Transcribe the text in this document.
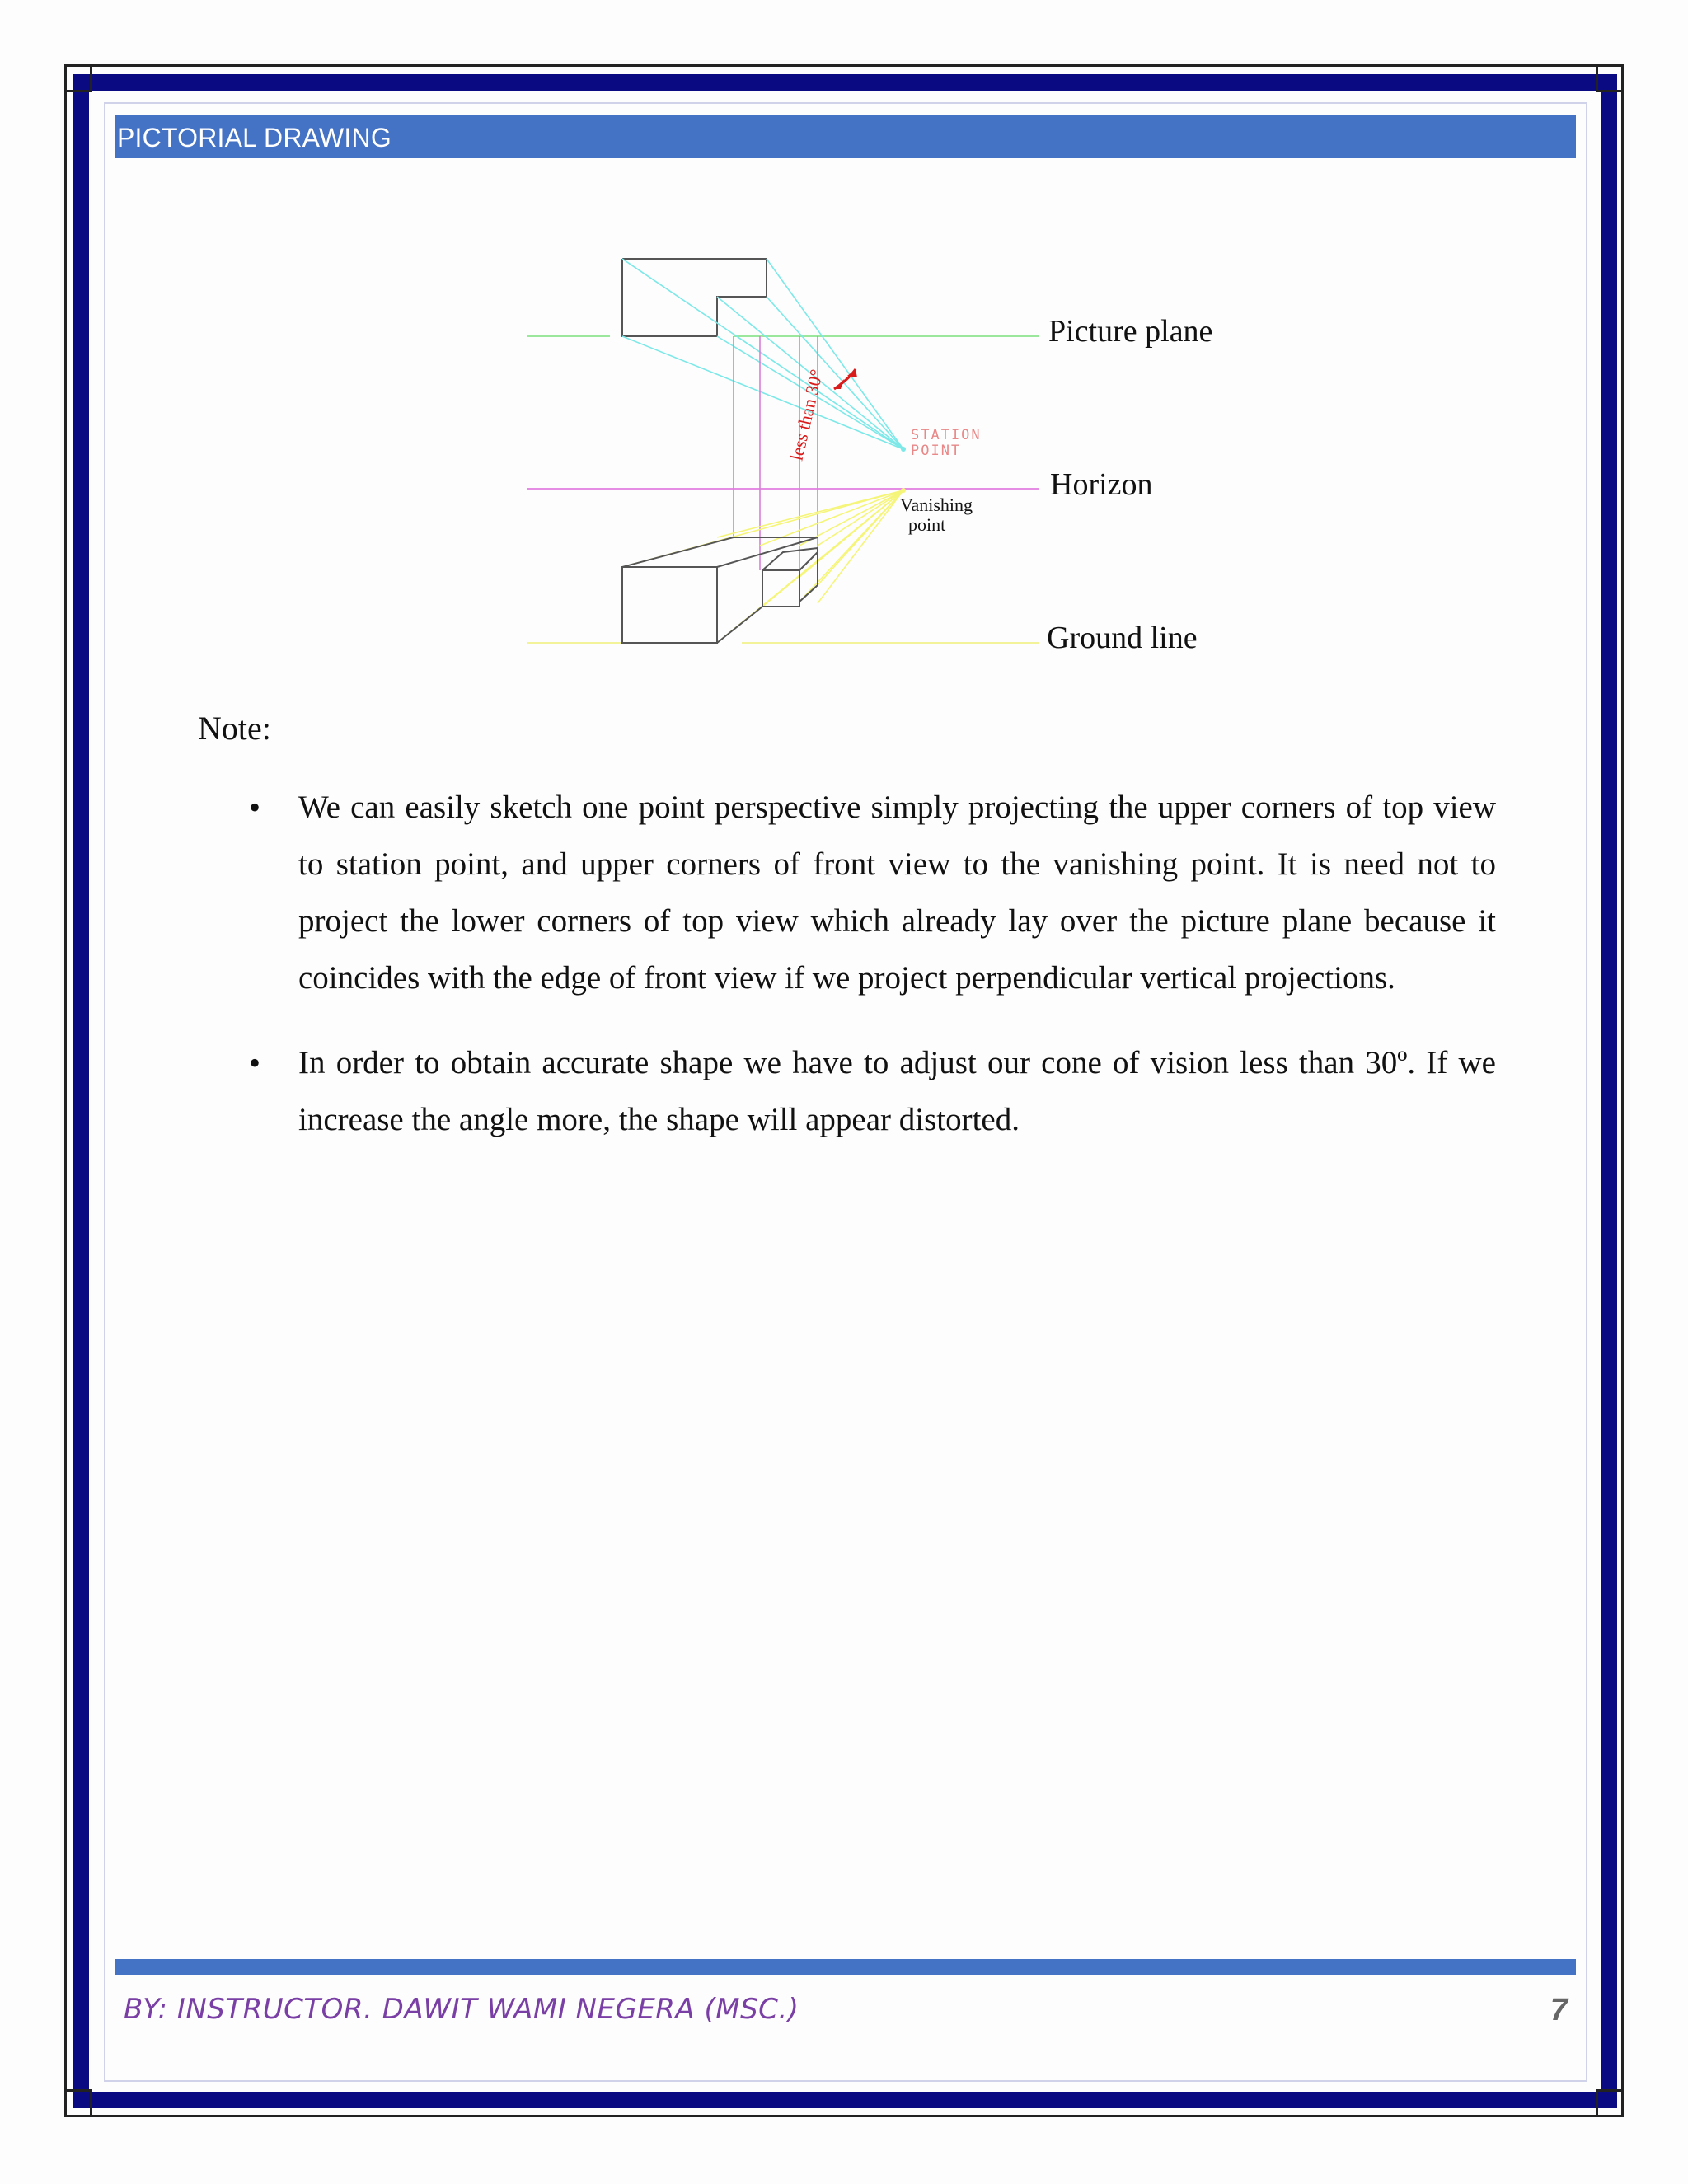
PICTORIAL DRAWING
less than 30°	STATION
POINT
Vanishing
point
Picture plane
Horizon
Ground line
Note:
• We can easily sketch one point perspective simply projecting the upper corners of top view to station point, and upper corners of front view to the vanishing point. It is need not to project the lower corners of top view which already lay over the picture plane because it coincides with the edge of front view if we project perpendicular vertical projections.
• In order to obtain accurate shape we have to adjust our cone of vision less than 30º. If we increase the angle more, the shape will appear distorted.
BY: INSTRUCTOR. DAWIT WAMI NEGERA (MSC.)	7
